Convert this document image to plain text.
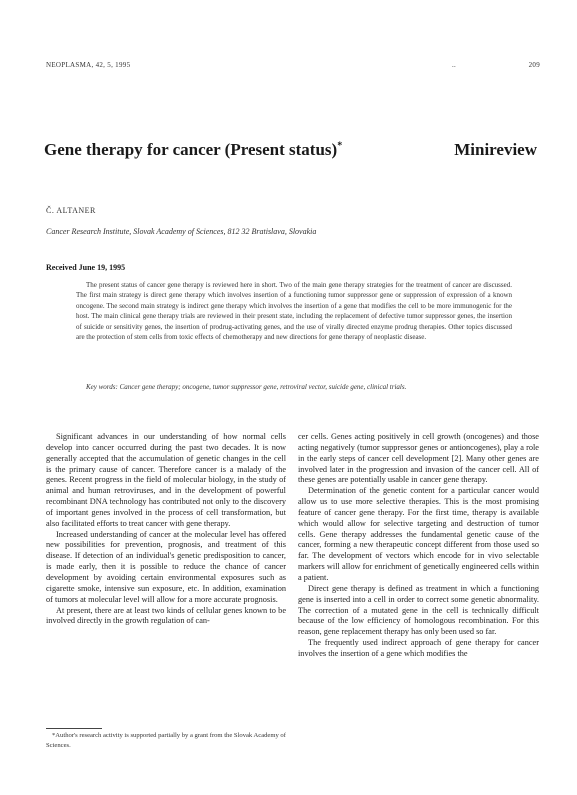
NEOPLASMA, 42, 5, 1995	..	209
Gene therapy for cancer (Present status)*	Minireview
Č. ALTANER
Cancer Research Institute, Slovak Academy of Sciences, 812 32 Bratislava, Slovakia
Received June 19, 1995
The present status of cancer gene therapy is reviewed here in short. Two of the main gene therapy strategies for the treatment of cancer are discussed. The first main strategy is direct gene therapy which involves insertion of a functioning tumor suppressor gene or suppression of expression of a known oncogene. The second main strategy is indirect gene therapy which involves the insertion of a gene that modifies the cell to be more immunogenic for the host. The main clinical gene therapy trials are reviewed in their present state, including the replacement of defective tumor suppressor genes, the insertion of suicide or sensitivity genes, the insertion of prodrug-activating genes, and the use of virally directed enzyme prodrug therapies. Other topics discussed are the protection of stem cells from toxic effects of chemotherapy and new directions for gene therapy of neoplastic disease.
Key words: Cancer gene therapy; oncogene, tumor suppressor gene, retroviral vector, suicide gene, clinical trials.

Significant advances in our understanding of how normal cells develop into cancer occurred during the past two decades. It is now generally accepted that the accumulation of genetic changes in the cell is the primary cause of cancer. Therefore cancer is a malady of the genes. Recent progress in the field of molecular biology, in the study of animal and human retroviruses, and in the development of powerful recombinant DNA technology has contributed not only to the discovery of important genes involved in the process of cell transformation, but also facilitated efforts to treat cancer with gene therapy.

Increased understanding of cancer at the molecular level has offered new possibilities for prevention, prognosis, and treatment of this disease. If detection of an individual's genetic predisposition to cancer, is made early, then it is possible to reduce the chance of cancer development by avoiding certain environmental exposures such as cigarette smoke, intensive sun exposure, etc. In addition, examination of tumors at molecular level will allow for a more accurate prognosis.

At present, there are at least two kinds of cellular genes known to be involved directly in the growth regulation of can-

cer cells. Genes acting positively in cell growth (oncogenes) and those acting negatively (tumor suppressor genes or antioncogenes), play a role in the early steps of cancer cell development [2]. Many other genes are involved later in the progression and invasion of the cancer cell. All of these genes are potentially usable in cancer gene therapy.

Determination of the genetic content for a particular cancer would allow us to use more selective therapies. This is the most promising feature of cancer gene therapy. For the first time, therapy is available which would allow for selective targeting and destruction of tumor cells. Gene therapy addresses the fundamental genetic cause of the cancer, forming a new therapeutic concept different from those used so far. The development of vectors which encode for in vivo selectable markers will allow for enrichment of genetically engineered cells within a patient.

Direct gene therapy is defined as treatment in which a functioning gene is inserted into a cell in order to correct some genetic abnormality. The correction of a mutated gene in the cell is technically difficult because of the low efficiency of homologous recombination. For this reason, gene replacement therapy has only been used so far.

The frequently used indirect approach of gene therapy for cancer involves the insertion of a gene which modifies the

*Author's research activity is supported partially by a grant from the Slovak Academy of Sciences.
